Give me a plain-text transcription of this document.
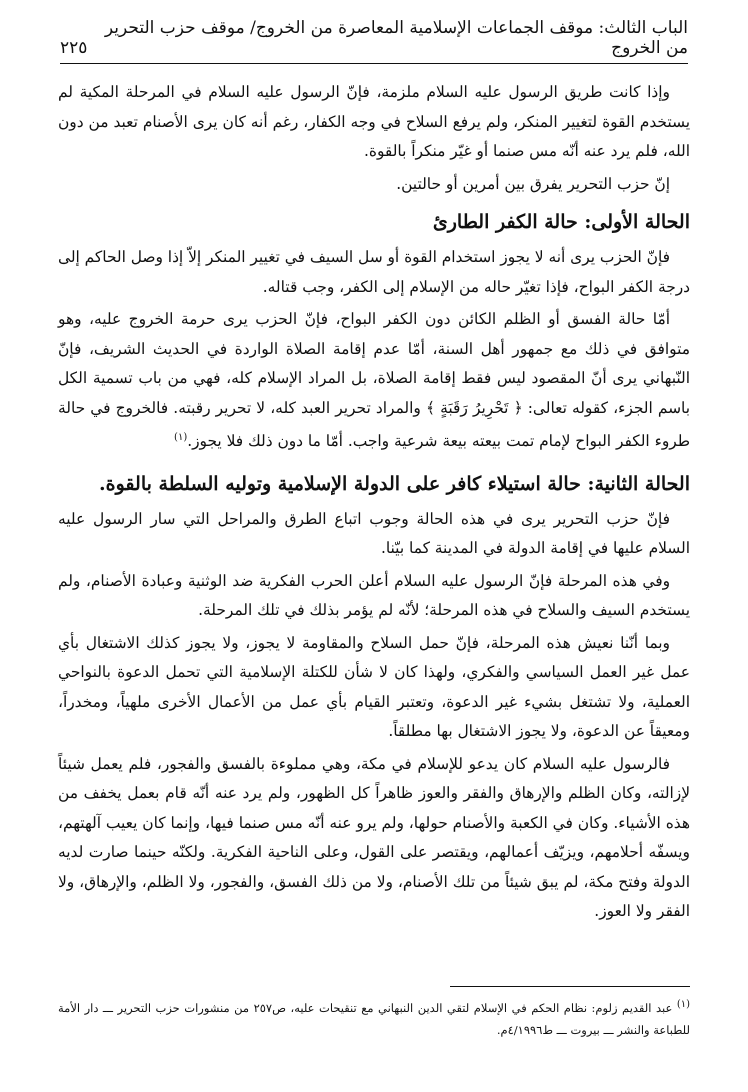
الباب الثالث: موقف الجماعات الإسلامية المعاصرة من الخروج/ موقف حزب التحرير من الخروج
٢٢٥

وإذا كانت طريق الرسول عليه السلام ملزمة، فإنّ الرسول عليه السلام في المرحلة المكية لم يستخدم القوة لتغيير المنكر، ولم يرفع السلاح في وجه الكفار، رغم أنه كان يرى الأصنام تعبد من دون الله، فلم يرد عنه أنّه مس صنما أو غيّر منكراً بالقوة.

إنّ حزب التحرير يفرق بين أمرين أو حالتين.

الحالة الأولى: حالة الكفر الطارئ

فإنّ الحزب يرى أنه لا يجوز استخدام القوة أو سل السيف في تغيير المنكر إلاّ إذا وصل الحاكم إلى درجة الكفر البواح، فإذا تغيّر حاله من الإسلام إلى الكفر، وجب قتاله.

أمّا حالة الفسق أو الظلم الكائن دون الكفر البواح، فإنّ الحزب يرى حرمة الخروج عليه، وهو متوافق في ذلك مع جمهور أهل السنة، أمّا عدم إقامة الصلاة الواردة في الحديث الشريف، فإنّ النّبهاني يرى أنّ المقصود ليس فقط إقامة الصلاة، بل المراد الإسلام كله، فهي من باب تسمية الكل باسم الجزء، كقوله تعالى: ﴿ تَحْرِيرُ رَقَبَةٍ ﴾ والمراد تحرير العبد كله، لا تحرير رقبته. فالخروج في حالة طروء الكفر البواح لإمام تمت بيعته بيعة شرعية واجب. أمّا ما دون ذلك فلا يجوز.$^{(١)}$

الحالة الثانية: حالة استيلاء كافر على الدولة الإسلامية وتوليه السلطة بالقوة.

فإنّ حزب التحرير يرى في هذه الحالة وجوب اتباع الطرق والمراحل التي سار الرسول عليه السلام عليها في إقامة الدولة في المدينة كما بيّنا.

وفي هذه المرحلة فإنّ الرسول عليه السلام أعلن الحرب الفكرية ضد الوثنية وعبادة الأصنام، ولم يستخدم السيف والسلاح في هذه المرحلة؛ لأنّه لم يؤمر بذلك في تلك المرحلة.

وبما أنّنا نعيش هذه المرحلة، فإنّ حمل السلاح والمقاومة لا يجوز، ولا يجوز كذلك الاشتغال بأي عمل غير العمل السياسي والفكري، ولهذا كان لا شأن للكتلة الإسلامية التي تحمل الدعوة بالنواحي العملية، ولا تشتغل بشيء غير الدعوة، وتعتبر القيام بأي عمل من الأعمال الأخرى ملهياً، ومخدراً، ومعيقاً عن الدعوة، ولا يجوز الاشتغال بها مطلقاً.

فالرسول عليه السلام كان يدعو للإسلام في مكة، وهي مملوءة بالفسق والفجور، فلم يعمل شيئاً لإزالته، وكان الظلم والإرهاق والفقر والعوز ظاهراً كل الظهور، ولم يرد عنه أنّه قام بعمل يخفف من هذه الأشياء. وكان في الكعبة والأصنام حولها، ولم يرو عنه أنّه مس صنما فيها، وإنما كان يعيب آلهتهم، ويسفّه أحلامهم، ويزيّف أعمالهم، ويقتصر على القول، وعلى الناحية الفكرية. ولكنّه حينما صارت لديه الدولة وفتح مكة، لم يبق شيئاً من تلك الأصنام، ولا من ذلك الفسق، والفجور، ولا الظلم، والإرهاق، ولا الفقر ولا العوز.

$^{(١)}$ عبد القديم زلوم: نظام الحكم في الإسلام لتقي الدين النبهاني مع تنقيحات عليه، ص٢٥٧ من منشورات حزب التحرير ـــ دار الأمة للطباعة والنشر ـــ بيروت ـــ ط٤/١٩٩٦م.
